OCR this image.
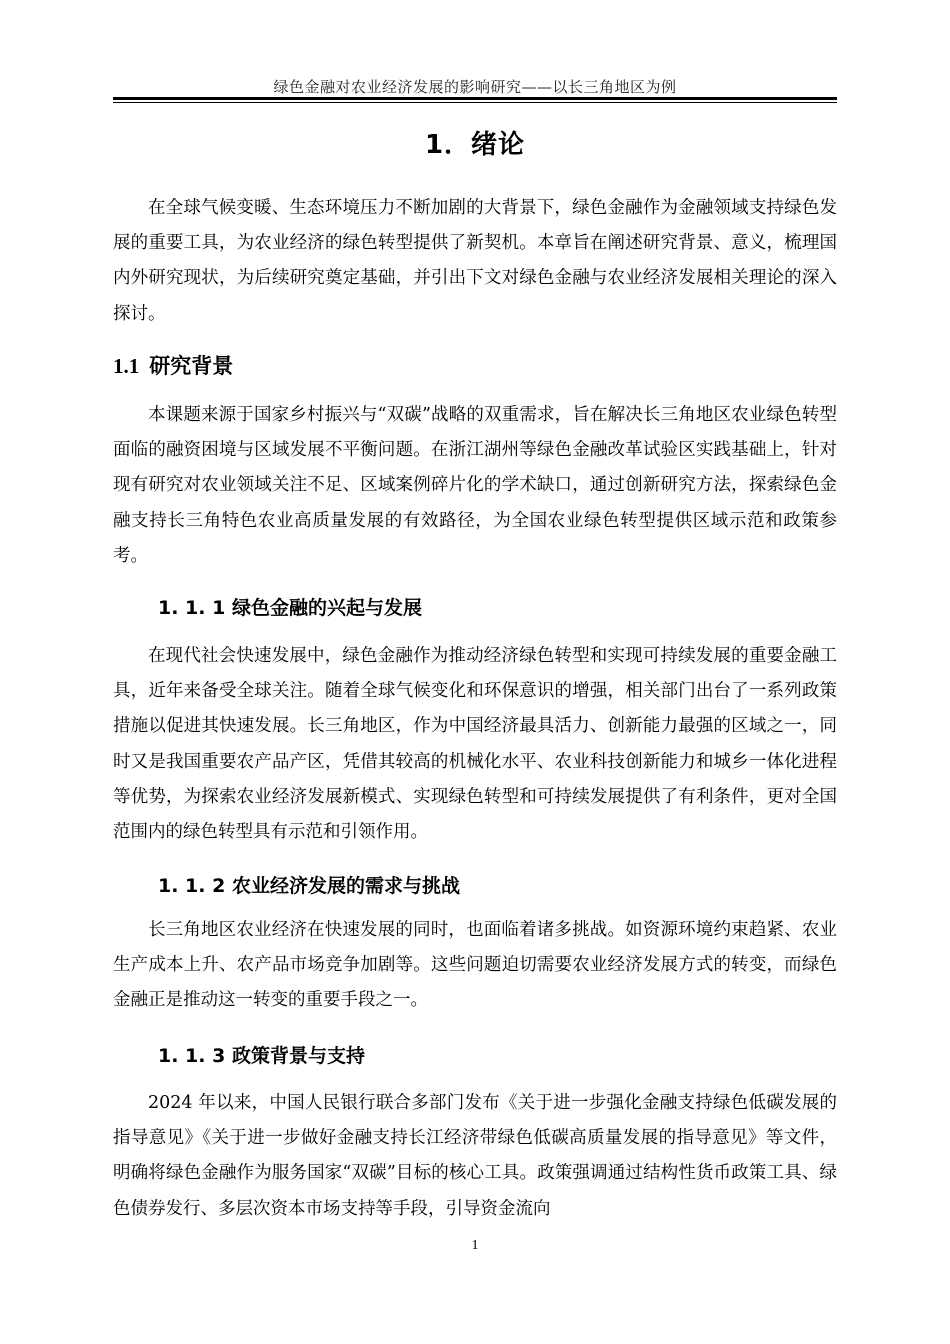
绿色金融对农业经济发展的影响研究——以长三角地区为例
1．绪论

在全球气候变暖、生态环境压力不断加剧的大背景下，绿色金融作为金融领域支持绿色发展的重要工具，为农业经济的绿色转型提供了新契机。本章旨在阐述研究背景、意义，梳理国内外研究现状，为后续研究奠定基础，并引出下文对绿色金融与农业经济发展相关理论的深入探讨。

1.1 研究背景

本课题来源于国家乡村振兴与“双碳”战略的双重需求，旨在解决长三角地区农业绿色转型面临的融资困境与区域发展不平衡问题。在浙江湖州等绿色金融改革试验区实践基础上，针对现有研究对农业领域关注不足、区域案例碎片化的学术缺口，通过创新研究方法，探索绿色金融支持长三角特色农业高质量发展的有效路径，为全国农业绿色转型提供区域示范和政策参考。

1. 1. 1 绿色金融的兴起与发展

在现代社会快速发展中，绿色金融作为推动经济绿色转型和实现可持续发展的重要金融工具，近年来备受全球关注。随着全球气候变化和环保意识的增强，相关部门出台了一系列政策措施以促进其快速发展。长三角地区，作为中国经济最具活力、创新能力最强的区域之一，同时又是我国重要农产品产区，凭借其较高的机械化水平、农业科技创新能力和城乡一体化进程等优势，为探索农业经济发展新模式、实现绿色转型和可持续发展提供了有利条件，更对全国范围内的绿色转型具有示范和引领作用。

1. 1. 2 农业经济发展的需求与挑战

长三角地区农业经济在快速发展的同时，也面临着诸多挑战。如资源环境约束趋紧、农业生产成本上升、农产品市场竞争加剧等。这些问题迫切需要农业经济发展方式的转变，而绿色金融正是推动这一转变的重要手段之一。

1. 1. 3 政策背景与支持

2024 年以来，中国人民银行联合多部门发布《关于进一步强化金融支持绿色低碳发展的指导意见》《关于进一步做好金融支持长江经济带绿色低碳高质量发展的指导意见》等文件，明确将绿色金融作为服务国家“双碳”目标的核心工具。政策强调通过结构性货币政策工具、绿色债券发行、多层次资本市场支持等手段，引导资金流向

1
